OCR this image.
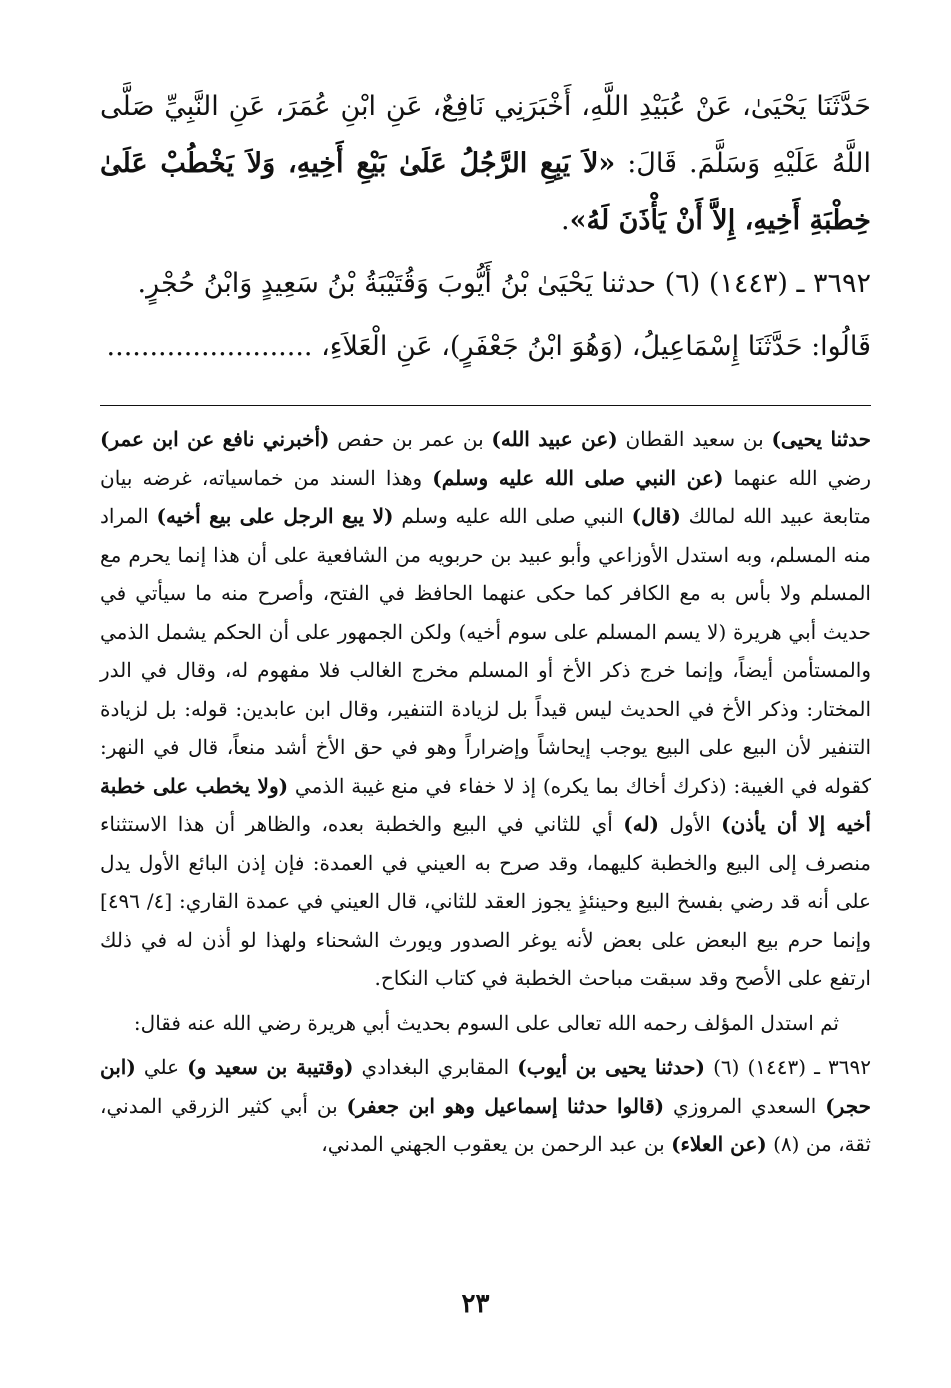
حَدَّثَنَا يَحْيَىٰ، عَنْ عُبَيْدِ اللَّهِ، أَخْبَرَنِي نَافِعٌ، عَنِ ابْنِ عُمَرَ، عَنِ النَّبِيِّ صَلَّى اللَّهُ عَلَيْهِ وَسَلَّمَ. قَالَ: «لاَ يَبِعِ الرَّجُلُ عَلَىٰ بَيْعِ أَخِيهِ، وَلاَ يَخْطُبْ عَلَىٰ خِطْبَةِ أَخِيهِ، إِلاَّ أَنْ يَأْذَنَ لَهُ».

٣٦٩٢ ـ (١٤٤٣) (٦) حدثنا يَحْيَىٰ بْنُ أَيُّوبَ وَقُتَيْبَةُ بْنُ سَعِيدٍ وَابْنُ حُجْرٍ.

قَالُوا: حَدَّثَنَا إِسْمَاعِيلُ، (وَهُوَ ابْنُ جَعْفَرٍ)، عَنِ الْعَلاَءِ، ........................

حدثنا يحيى) بن سعيد القطان (عن عبيد الله) بن عمر بن حفص (أخبرني نافع عن ابن عمر) رضي الله عنهما (عن النبي صلى الله عليه وسلم) وهذا السند من خماسياته، غرضه بيان متابعة عبيد الله لمالك (قال) النبي صلى الله عليه وسلم (لا يبع الرجل على بيع أخيه) المراد منه المسلم، وبه استدل الأوزاعي وأبو عبيد بن حربويه من الشافعية على أن هذا إنما يحرم مع المسلم ولا بأس به مع الكافر كما حكى عنهما الحافظ في الفتح، وأصرح منه ما سيأتي في حديث أبي هريرة (لا يسم المسلم على سوم أخيه) ولكن الجمهور على أن الحكم يشمل الذمي والمستأمن أيضاً، وإنما خرج ذكر الأخ أو المسلم مخرج الغالب فلا مفهوم له، وقال في الدر المختار: وذكر الأخ في الحديث ليس قيداً بل لزيادة التنفير، وقال ابن عابدين: قوله: بل لزيادة التنفير لأن البيع على البيع يوجب إيحاشاً وإضراراً وهو في حق الأخ أشد منعاً، قال في النهر: كقوله في الغيبة: (ذكرك أخاك بما يكره) إذ لا خفاء في منع غيبة الذمي (ولا يخطب على خطبة أخيه إلا أن يأذن) الأول (له) أي للثاني في البيع والخطبة بعده، والظاهر أن هذا الاستثناء منصرف إلى البيع والخطبة كليهما، وقد صرح به العيني في العمدة: فإن إذن البائع الأول يدل على أنه قد رضي بفسخ البيع وحينئذٍ يجوز العقد للثاني، قال العيني في عمدة القاري: [٤/ ٤٩٦] وإنما حرم بيع البعض على بعض لأنه يوغر الصدور ويورث الشحناء ولهذا لو أذن له في ذلك ارتفع على الأصح وقد سبقت مباحث الخطبة في كتاب النكاح.

ثم استدل المؤلف رحمه الله تعالى على السوم بحديث أبي هريرة رضي الله عنه فقال:

٣٦٩٢ ـ (١٤٤٣) (٦) (حدثنا يحيى بن أيوب) المقابري البغدادي (وقتيبة بن سعيد و) علي (ابن حجر) السعدي المروزي (قالوا حدثنا إسماعيل وهو ابن جعفر) بن أبي كثير الزرقي المدني، ثقة، من (٨) (عن العلاء) بن عبد الرحمن بن يعقوب الجهني المدني،

٢٣
